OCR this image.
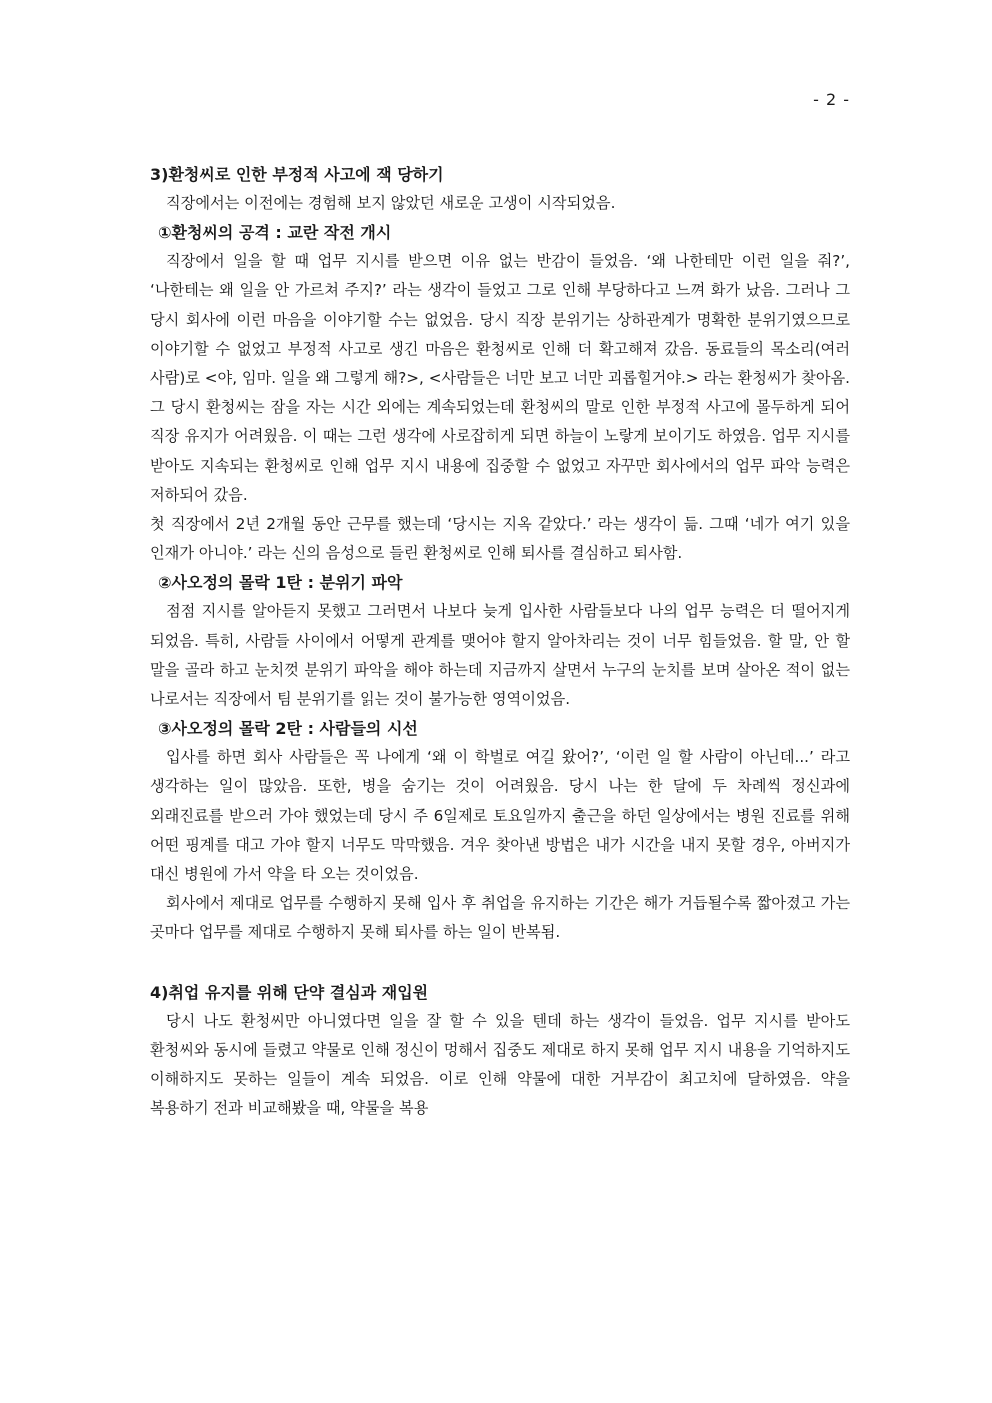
- 2 -

3)환청씨로 인한 부정적 사고에 잭 당하기

직장에서는 이전에는 경험해 보지 않았던 새로운 고생이 시작되었음.

①환청씨의 공격 : 교란 작전 개시

직장에서 일을 할 때 업무 지시를 받으면 이유 없는 반감이 들었음. ‘왜 나한테만 이런 일을 줘?’, ‘나한테는 왜 일을 안 가르쳐 주지?’ 라는 생각이 들었고 그로 인해 부당하다고 느껴 화가 났음. 그러나 그 당시 회사에 이런 마음을 이야기할 수는 없었음. 당시 직장 분위기는 상하관계가 명확한 분위기였으므로 이야기할 수 없었고 부정적 사고로 생긴 마음은 환청씨로 인해 더 확고해져 갔음. 동료들의 목소리(여러 사람)로 <야, 임마. 일을 왜 그렇게 해?>, <사람들은 너만 보고 너만 괴롭힐거야.> 라는 환청씨가 찾아옴. 그 당시 환청씨는 잠을 자는 시간 외에는 계속되었는데 환청씨의 말로 인한 부정적 사고에 몰두하게 되어 직장 유지가 어려웠음. 이 때는 그런 생각에 사로잡히게 되면 하늘이 노랗게 보이기도 하였음. 업무 지시를 받아도 지속되는 환청씨로 인해 업무 지시 내용에 집중할 수 없었고 자꾸만 회사에서의 업무 파악 능력은 저하되어 갔음.

첫 직장에서 2년 2개월 동안 근무를 했는데 ‘당시는 지옥 같았다.’ 라는 생각이 듦. 그때 ‘네가 여기 있을 인재가 아니야.’ 라는 신의 음성으로 들린 환청씨로 인해 퇴사를 결심하고 퇴사함.

②사오정의 몰락 1탄 : 분위기 파악

점점 지시를 알아듣지 못했고 그러면서 나보다 늦게 입사한 사람들보다 나의 업무 능력은 더 떨어지게 되었음. 특히, 사람들 사이에서 어떻게 관계를 맺어야 할지 알아차리는 것이 너무 힘들었음. 할 말, 안 할 말을 골라 하고 눈치껏 분위기 파악을 해야 하는데 지금까지 살면서 누구의 눈치를 보며 살아온 적이 없는 나로서는 직장에서 팀 분위기를 읽는 것이 불가능한 영역이었음.

③사오정의 몰락 2탄 : 사람들의 시선

입사를 하면 회사 사람들은 꼭 나에게 ‘왜 이 학벌로 여길 왔어?’, ‘이런 일 할 사람이 아닌데...’ 라고 생각하는 일이 많았음. 또한, 병을 숨기는 것이 어려웠음. 당시 나는 한 달에 두 차례씩 정신과에 외래진료를 받으러 가야 했었는데 당시 주 6일제로 토요일까지 출근을 하던 일상에서는 병원 진료를 위해 어떤 핑계를 대고 가야 할지 너무도 막막했음. 겨우 찾아낸 방법은 내가 시간을 내지 못할 경우, 아버지가 대신 병원에 가서 약을 타 오는 것이었음.

회사에서 제대로 업무를 수행하지 못해 입사 후 취업을 유지하는 기간은 해가 거듭될수록 짧아졌고 가는 곳마다 업무를 제대로 수행하지 못해 퇴사를 하는 일이 반복됨.

4)취업 유지를 위해 단약 결심과 재입원

당시 나도 환청씨만 아니였다면 일을 잘 할 수 있을 텐데 하는 생각이 들었음. 업무 지시를 받아도 환청씨와 동시에 들렸고 약물로 인해 정신이 멍해서 집중도 제대로 하지 못해 업무 지시 내용을 기억하지도 이해하지도 못하는 일들이 계속 되었음. 이로 인해 약물에 대한 거부감이 최고치에 달하였음. 약을 복용하기 전과 비교해봤을 때, 약물을 복용
